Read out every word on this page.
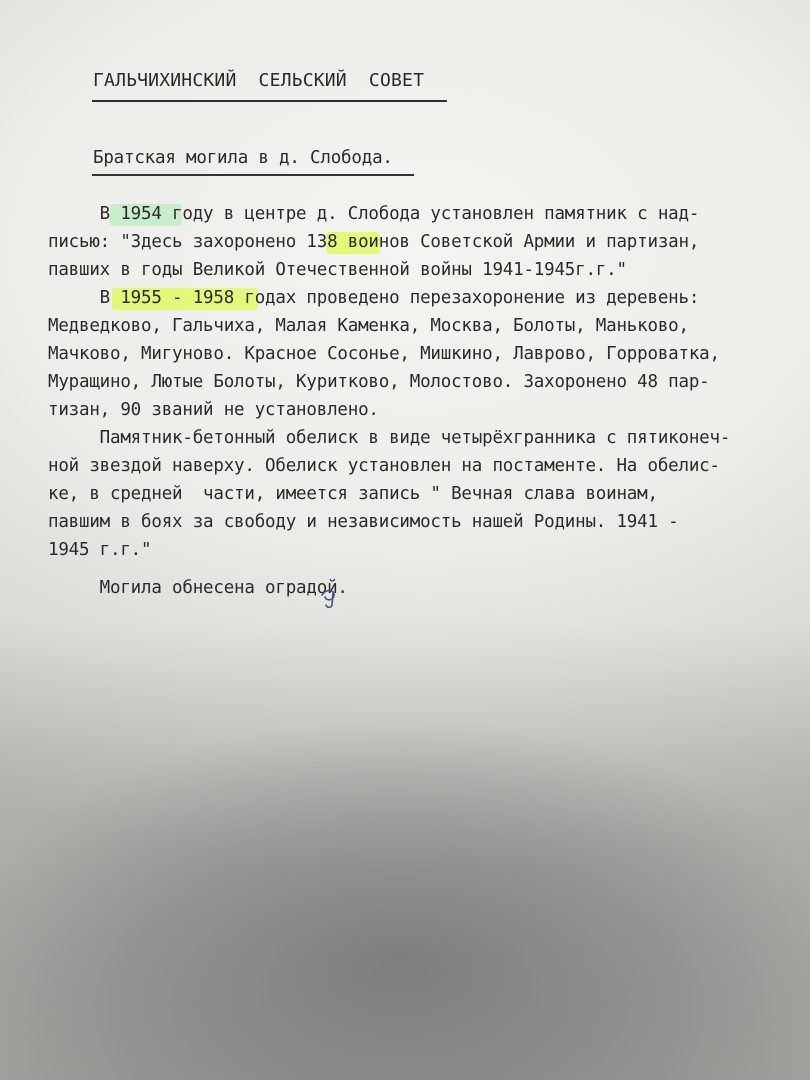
ГАЛЬЧИХИНСКИЙ  СЕЛЬСКИЙ  СОВЕТ
Братская могила в д. Слобода.
В 1954 году в центре д. Слобода установлен памятник с над-
писью: "Здесь захоронено 138 воинов Советской Армии и партизан,
павших в годы Великой Отечественной войны 1941-1945г.г."
В 1955 - 1958 годах проведено перезахоронение из деревень:
Медведково, Гальчиха, Малая Каменка, Москва, Болоты, Маньково,
Мачково, Мигуново. Красное Сосонье, Мишкино, Лаврово, Горроватка,
Муращино, Лютые Болоты, Куритково, Молостово. Захоронено 48 пар-
тизан, 90 званий не установлено.
Памятник-бетонный обелиск в виде четырёхгранника с пятиконеч-
ной звездой наверху. Обелиск установлен на постаменте. На обелис-
ке, в средней  части, имеется запись " Вечная слава воинам,
павшим в боях за свободу и независимость нашей Родины. 1941 -
1945 г.г."
Могила обнесена оградой.
